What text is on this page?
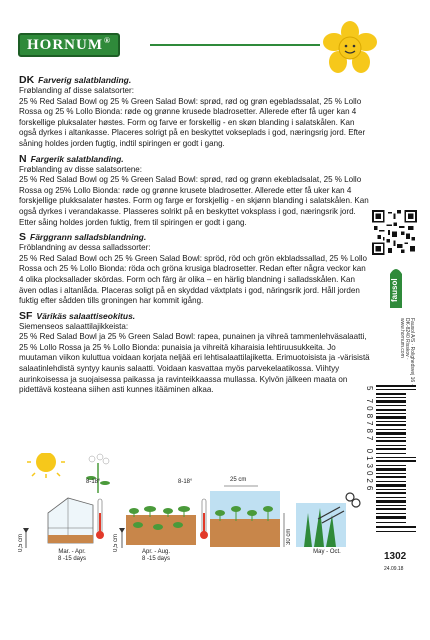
HORNUM®
DK Farverig salatblanding.

Frøblanding af disse salatsorter:
25 % Red Salad Bowl og 25 % Green Salad Bowl: sprød, rød og grøn egebladssalat, 25 % Lollo Rossa og 25 % Lollo Bionda: røde og grønne krusede bladrosetter. Allerede efter få uger kan 4 forskellige pluksalater høstes. Form og farve er forskellig - en skøn blanding i salatskålen. Kan også dyrkes i altankasse. Placeres solrigt på en beskyttet vokseplads i god, næringsrig jord. Efter såning holdes jorden fugtig, indtil spiringen er godt i gang.

N Fargerik salatblanding.

Frøblanding av disse salatsortene:
25 % Red Salad Bowl og 25 % Green Salad Bowl: sprød, rød og grønn ekebladsalat, 25 % Lollo Rossa og 25% Lollo Bionda: røde og grønne krusete bladrosetter. Allerede etter få uker kan 4 forskjellige plukksalater høstes. Form og farge er forskjellig - en skjønn blanding i salatskålen. Kan også dyrkes i verandakasse. Plasseres solrikt på en beskyttet voksplass i god, næringsrik jord. Etter såing holdes jorden fuktig, frem til spiringen er godt i gang.

S Färggrann salladsblandning.

Fröblandning av dessa salladssorter:
25 % Red Salad Bowl och 25 % Green Salad Bowl: spröd, röd och grön ekbladssallad, 25 % Lollo Rossa och 25 % Lollo Bionda: röda och gröna krusiga bladrosetter. Redan efter några veckor kan 4 olika plocksallader skördas. Form och färg är olika – en härlig blandning i salladsskålen. Kan även odlas i altanlåda. Placeras soligt på en skyddad växtplats i god, näringsrik jord. Håll jorden fuktig efter sådden tills groningen har kommit igång.

SF Värikäs salaattiseokitus.

Siemenseos salaattilajikkeista:
25 % Red Salad Bowl ja 25 % Green Salad Bowl: rapea, punainen ja vihreä tammenlehväsalaatti, 25 % Lollo Rossa ja 25 % Lollo Bionda: punaisia ja vihreitä kiharaisia lehtiruusukkeita. Jo muutaman viikon kuluttua voidaan korjata neljää eri lehtisalaattilajiketta. Erimuotoisista ja -värisistä salaatinlehdistä syntyy kaunis salaatti. Voidaan kasvattaa myös parvekelaatikossa. Viihtyy aurinkoisessa ja suojaisessa paikassa ja ravinteikkaassa mullassa. Kylvön jälkeen maata on pidettävä kosteana siihen asti kunnes itääminen alkaa.

fausol
Fausol A/S · Rolighedsvej 16 · DK-8240 Risskov · www.hornum.com
5 708787 013026
1302
24.09.18
8-18°
0,5 cm	Mar. - Apr.
8 -15 days
8-18°
0,5 cm	Apr. - Aug.
8 -15 days
25 cm
30 cm
May - Oct.
